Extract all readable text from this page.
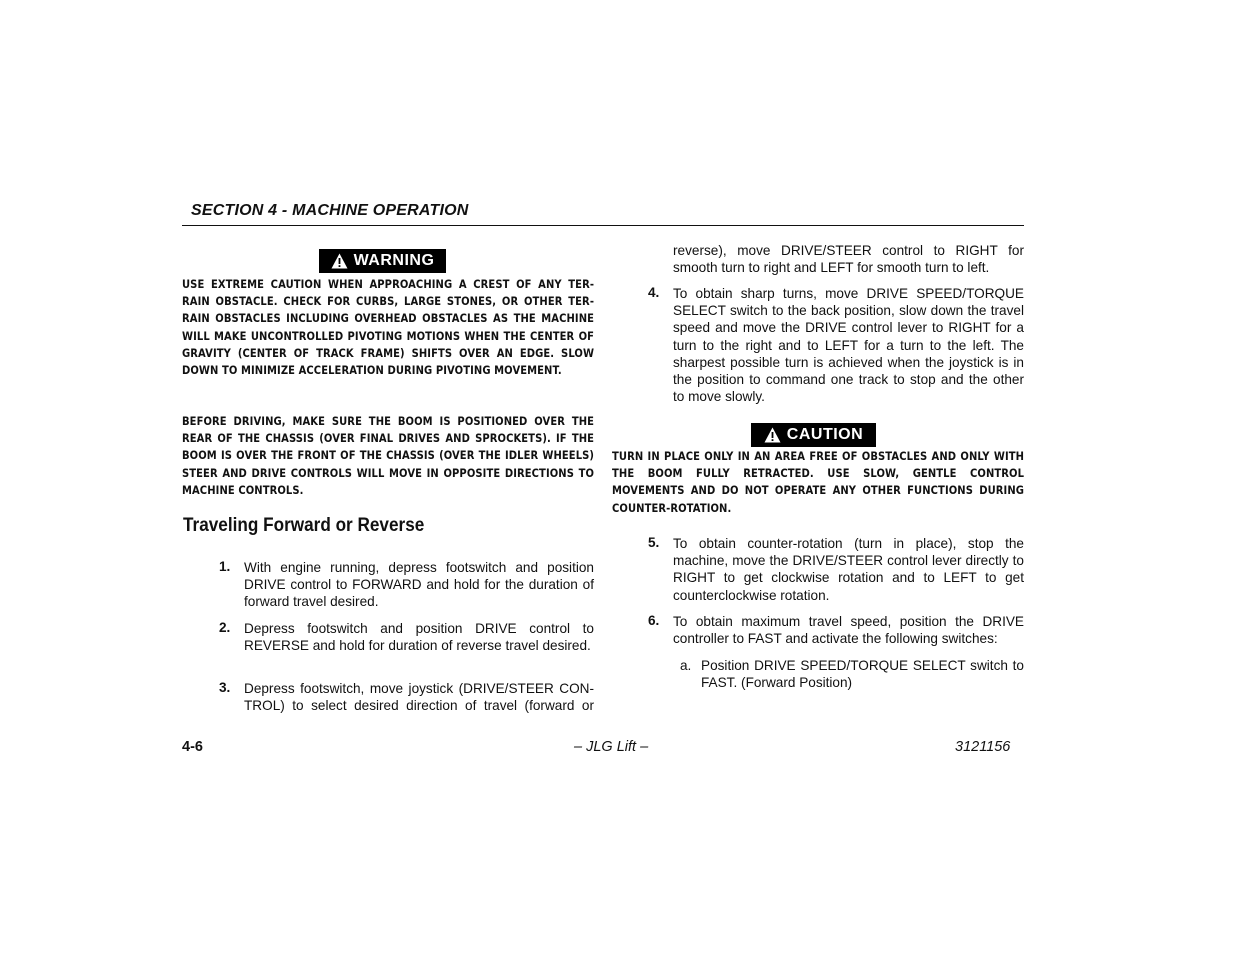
SECTION 4 - MACHINE OPERATION
WARNING
USE EXTREME CAUTION WHEN APPROACHING A CREST OF ANY TER-RAIN OBSTACLE. CHECK FOR CURBS, LARGE STONES, OR OTHER TER-RAIN OBSTACLES INCLUDING OVERHEAD OBSTACLES AS THE MACHINE WILL MAKE UNCONTROLLED PIVOTING MOTIONS WHEN THE CENTER OF GRAVITY (CENTER OF TRACK FRAME) SHIFTS OVER AN EDGE. SLOW DOWN TO MINIMIZE ACCELERATION DURING PIVOTING MOVEMENT.
BEFORE DRIVING, MAKE SURE THE BOOM IS POSITIONED OVER THE REAR OF THE CHASSIS (OVER FINAL DRIVES AND SPROCKETS). IF THE BOOM IS OVER THE FRONT OF THE CHASSIS (OVER THE IDLER WHEELS) STEER AND DRIVE CONTROLS WILL MOVE IN OPPOSITE DIRECTIONS TO MACHINE CONTROLS.
Traveling Forward or Reverse
1. With engine running, depress footswitch and position DRIVE control to FORWARD and hold for the duration of forward travel desired.
2. Depress footswitch and position DRIVE control to REVERSE and hold for duration of reverse travel desired.
3. Depress footswitch, move joystick (DRIVE/STEER CON-TROL) to select desired direction of travel (forward or
reverse), move DRIVE/STEER control to RIGHT for smooth turn to right and LEFT for smooth turn to left.
4. To obtain sharp turns, move DRIVE SPEED/TORQUE SELECT switch to the back position, slow down the travel speed and move the DRIVE control lever to RIGHT for a turn to the right and to LEFT for a turn to the left. The sharpest possible turn is achieved when the joystick is in the position to command one track to stop and the other to move slowly.
CAUTION
TURN IN PLACE ONLY IN AN AREA FREE OF OBSTACLES AND ONLY WITH THE BOOM FULLY RETRACTED. USE SLOW, GENTLE CONTROL MOVEMENTS AND DO NOT OPERATE ANY OTHER FUNCTIONS DURING COUNTER-ROTATION.
5. To obtain counter-rotation (turn in place), stop the machine, move the DRIVE/STEER control lever directly to RIGHT to get clockwise rotation and to LEFT to get counterclockwise rotation.
6. To obtain maximum travel speed, position the DRIVE controller to FAST and activate the following switches:
a. Position DRIVE SPEED/TORQUE SELECT switch to FAST. (Forward Position)
4-6	– JLG Lift –	3121156
